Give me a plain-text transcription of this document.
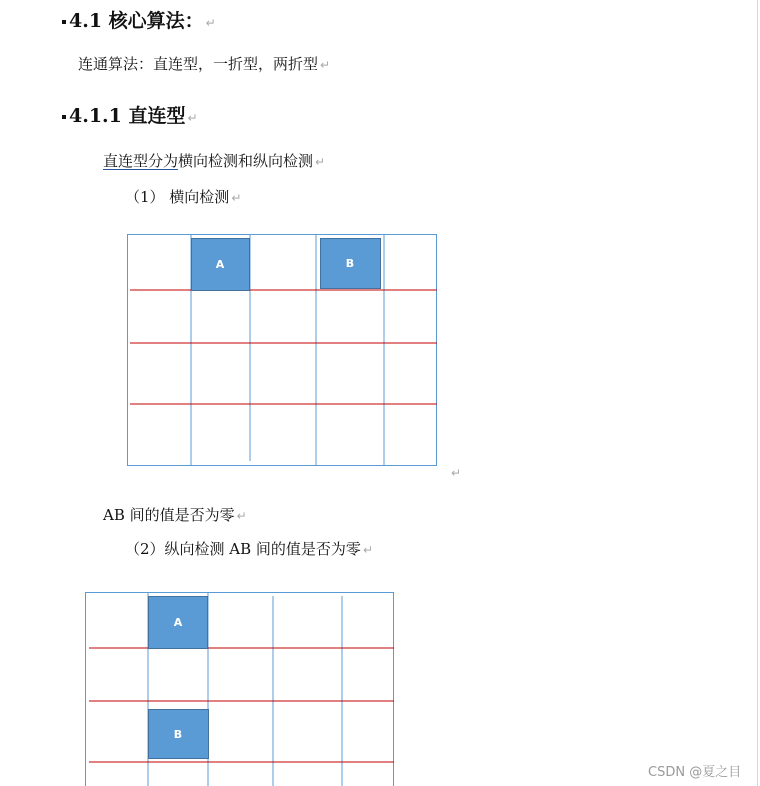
4.1 核心算法： ↵
连通算法：直连型，一折型，两折型 ↵
4.1.1 直连型 ↵
直连型分为横向检测和纵向检测 ↵
（1） 横向检测 ↵
A	B
↵
AB 间的值是否为零 ↵
（2）纵向检测 AB 间的值是否为零 ↵
A
B
CSDN @夏之目
